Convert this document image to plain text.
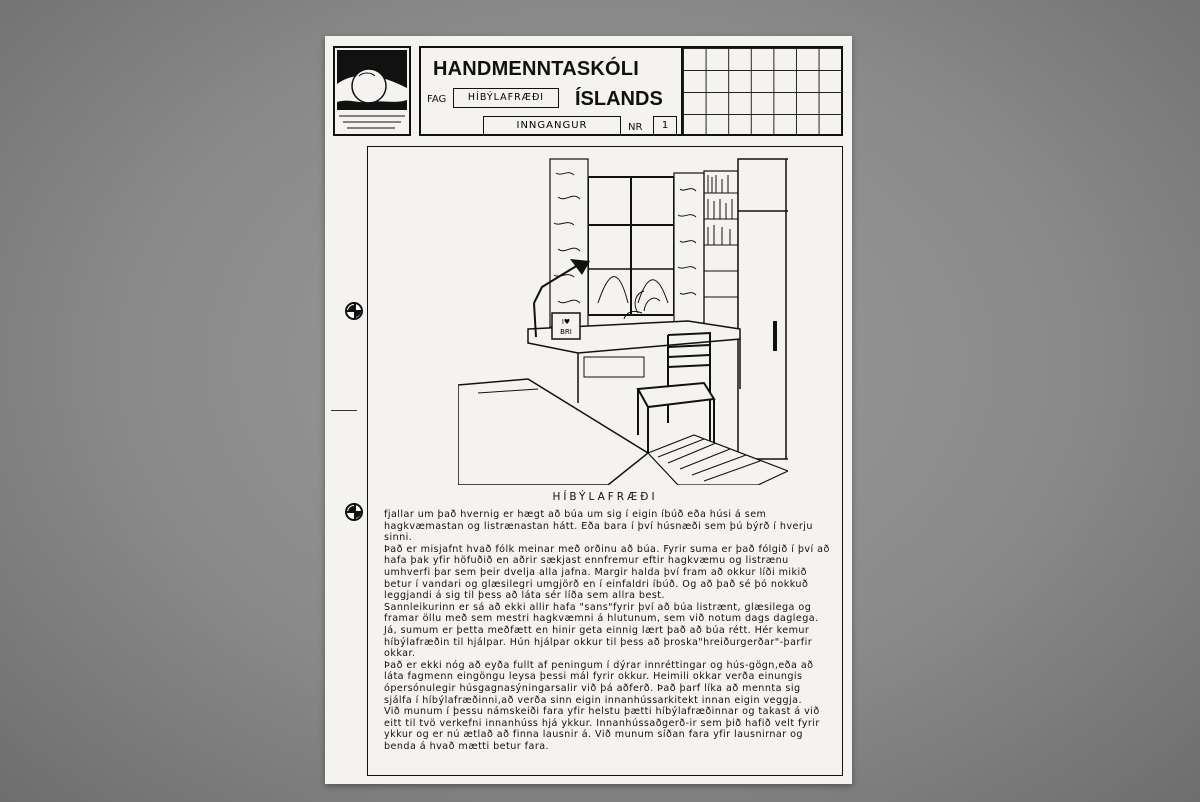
HANDMENNTASKÓLI
FAG	HÍBÝLAFRÆÐI	ÍSLANDS
INNGANGUR	NR	1
I♥
BRI
HÍBÝLAFRÆÐI

fjallar um það hvernig er hægt að búa um sig í eigin íbúð eða húsi á sem hagkvæmastan og listrænastan hátt. Eða bara í því húsnæði sem þú býrð í hverju sinni.

Það er misjafnt hvað fólk meinar með orðinu að búa. Fyrir suma er það fólgið í því að hafa þak yfir höfuðið en aðrir sækjast ennfremur eftir hagkvæmu og listrænu umhverfi þar sem þeir dvelja alla jafna. Margir halda því fram að okkur líði mikið betur í vandari og glæsilegri umgjörð en í einfaldri íbúð. Og að það sé þó nokkuð leggjandi á sig til þess að láta sér líða sem allra best.

Sannleikurinn er sá að ekki allir hafa "sans"fyrir því að búa listrænt, glæsilega og framar öllu með sem mestri hagkvæmni á hlutunum, sem við notum dags daglega. Já, sumum er þetta meðfætt en hinir geta einnig lært það að búa rétt. Hér kemur híbýlafræðin til hjálpar. Hún hjálpar okkur til þess að þroska"hreiðurgerðar"-þarfir okkar.

Það er ekki nóg að eyða fullt af peningum í dýrar innréttingar og hús-gögn,eða að láta fagmenn eingöngu leysa þessi mál fyrir okkur. Heimili okkar verða einungis ópersónulegir húsgagnasýningarsalir við þá aðferð. Það þarf líka að mennta sig sjálfa í híbýlafræðinni,að verða sinn eigin innanhússarkitekt innan eigin veggja.

Við munum í þessu námskeiði fara yfir helstu þætti híbýlafræðinnar og takast á við eitt til tvö verkefni innanhúss hjá ykkur. Innanhússaðgerð-ir sem þið hafið velt fyrir ykkur og er nú ætlað að finna lausnir á. Við munum síðan fara yfir lausnirnar og benda á hvað mætti betur fara.
